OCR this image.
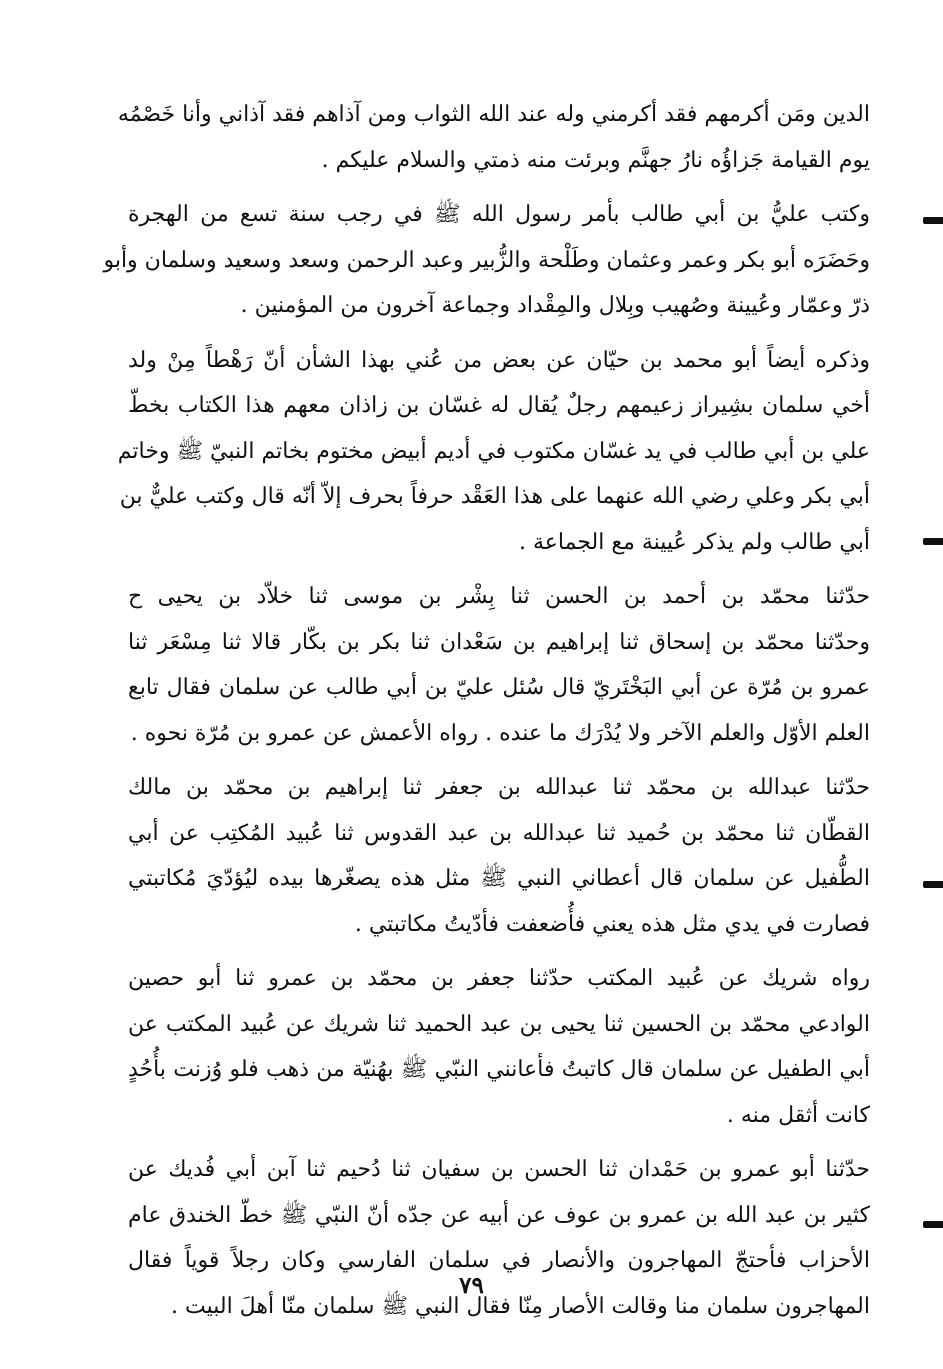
الدين ومَن أكرمهم فقد أكرمني وله عند الله الثواب ومن آذاهم فقد آذاني وأنا خَصْمُه
يوم القيامة جَزاؤُه نارُ جهنَّم وبرئت منه ذمتي والسلام عليكم .
وكتب عليُّ بن أبي طالب بأمر رسول الله ﷺ في رجب سنة تسع من الهجرة
وحَضَرَه أبو بكر وعمر وعثمان وطَلْحة والزُّبير وعبد الرحمن وسعد وسعيد وسلمان وأبو
ذرّ وعمّار وعُيينة وصُهيب وبِلال والمِقْداد وجماعة آخرون من المؤمنين .
وذكره أيضاً أبو محمد بن حيّان عن بعض من عُني بهذا الشأن أنّ رَهْطاً مِنْ ولد
أخي سلمان بشِيراز زعيمهم رجلٌ يُقال له غسّان بن زاذان معهم هذا الكتاب بخطّ
علي بن أبي طالب في يد غسّان مكتوب في أديم أبيض مختوم بخاتم النبيّ ﷺ وخاتم
أبي بكر وعلي رضي الله عنهما على هذا العَقْد حرفاً بحرف إلاّ أنّه قال وكتب عليٌّ بن
أبي طالب ولم يذكر عُيينة مع الجماعة .
حدّثنا محمّد بن أحمد بن الحسن ثنا بِشْر بن موسى ثنا خلاّد بن يحيى ح
وحدّثنا محمّد بن إسحاق ثنا إبراهيم بن سَعْدان ثنا بكر بن بكّار قالا ثنا مِسْعَر ثنا
عمرو بن مُرّة عن أبي البَخْتَريّ قال سُئل عليّ بن أبي طالب عن سلمان فقال تابع
العلم الأوّل والعلم الآخر ولا يُدْرَك ما عنده . رواه الأعمش عن عمرو بن مُرّة نحوه .
حدّثنا عبدالله بن محمّد ثنا عبدالله بن جعفر ثنا إبراهيم بن محمّد بن مالك
القطّان ثنا محمّد بن حُميد ثنا عبدالله بن عبد القدوس ثنا عُبيد المُكتِب عن أبي
الطُّفيل عن سلمان قال أعطاني النبي ﷺ مثل هذه يصغّرها بيده ليُؤدّيَ مُكاتبتي
فصارت في يدي مثل هذه يعني فأُضعفت فأدّيتُ مكاتبتي .
رواه شريك عن عُبيد المكتب حدّثنا جعفر بن محمّد بن عمرو ثنا أبو حصين
الوادعي محمّد بن الحسين ثنا يحيى بن عبد الحميد ثنا شريك عن عُبيد المكتب عن
أبي الطفيل عن سلمان قال كاتبتُ فأعانني النبّي ﷺ بهُنيّة من ذهب فلو وُزنت بأُحُدٍ
كانت أثقل منه .
حدّثنا أبو عمرو بن حَمْدان ثنا الحسن بن سفيان ثنا دُحيم ثنا آبن أبي فُديك عن
كثير بن عبد الله بن عمرو بن عوف عن أبيه عن جدّه أنّ النبّي ﷺ خطّ الخندق عام
الأحزاب فأحتجّ المهاجرون والأنصار في سلمان الفارسي وكان رجلاً قوياً فقال
المهاجرون سلمان منا وقالت الأصار مِنّا فقال النبي ﷺ سلمان منّا أهلَ البيت .
٧٩
